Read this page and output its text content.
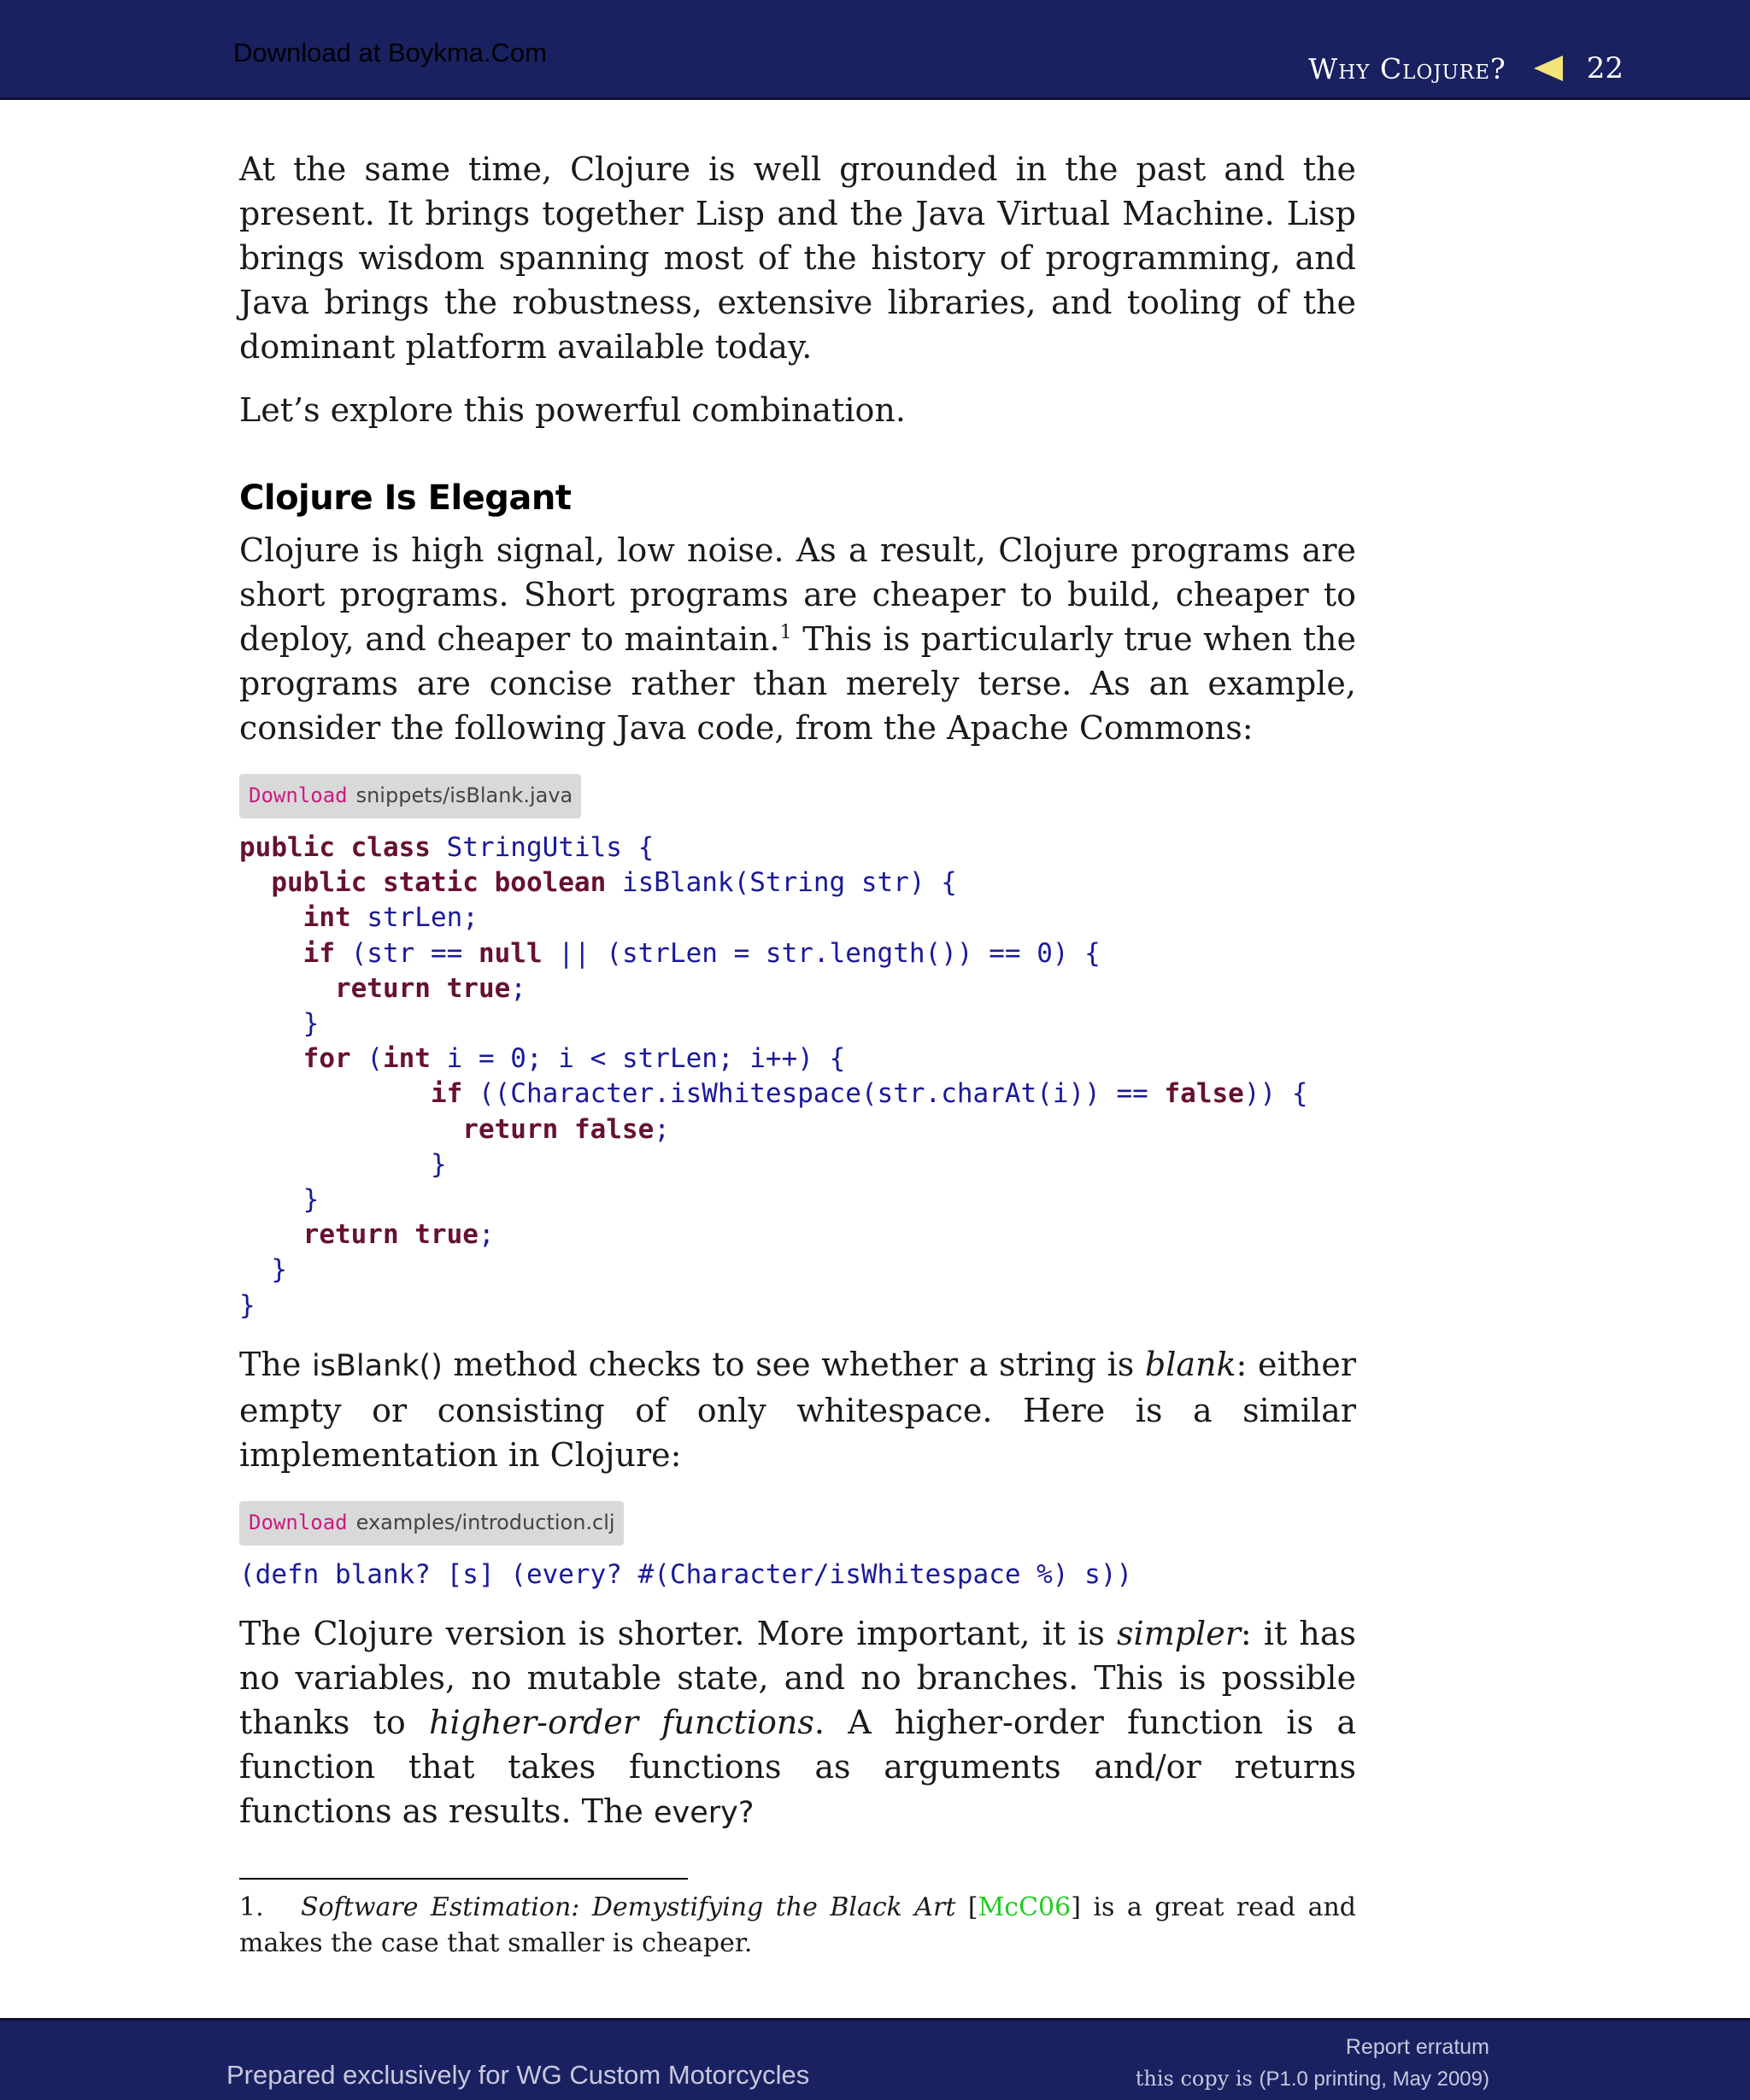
Download at Boykma.Com	Why Clojure?	22

At the same time, Clojure is well grounded in the past and the present. It brings together Lisp and the Java Virtual Machine. Lisp brings wisdom spanning most of the history of programming, and Java brings the robustness, extensive libraries, and tooling of the dominant platform available today.

Let’s explore this powerful combination.

Clojure Is Elegant

Clojure is high signal, low noise. As a result, Clojure programs are short programs. Short programs are cheaper to build, cheaper to deploy, and cheaper to maintain.$^1$ This is particularly true when the programs are concise rather than merely terse. As an example, consider the following Java code, from the Apache Commons:

Download snippets/isBlank.java
public class StringUtils {
public static boolean isBlank(String str) {
int strLen;
if (str == null || (strLen = str.length()) == 0) {
return true;
}
for (int i = 0; i < strLen; i++) {
if ((Character.isWhitespace(str.charAt(i)) == false)) {
return false;
}
}
return true;
}
}

The isBlank() method checks to see whether a string is blank: either empty or consisting of only whitespace. Here is a similar implementation in Clojure:

Download examples/introduction.clj
(defn blank? [s] (every? #(Character/isWhitespace %) s))

The Clojure version is shorter. More important, it is simpler: it has no variables, no mutable state, and no branches. This is possible thanks to higher-order functions. A higher-order function is a function that takes functions as arguments and/or returns functions as results. The every?

1. Software Estimation: Demystifying the Black Art [McC06] is a great read and makes the case that smaller is cheaper.
Prepared exclusively for WG Custom Motorcycles
Report erratum
this copy is (P1.0 printing, May 2009)
